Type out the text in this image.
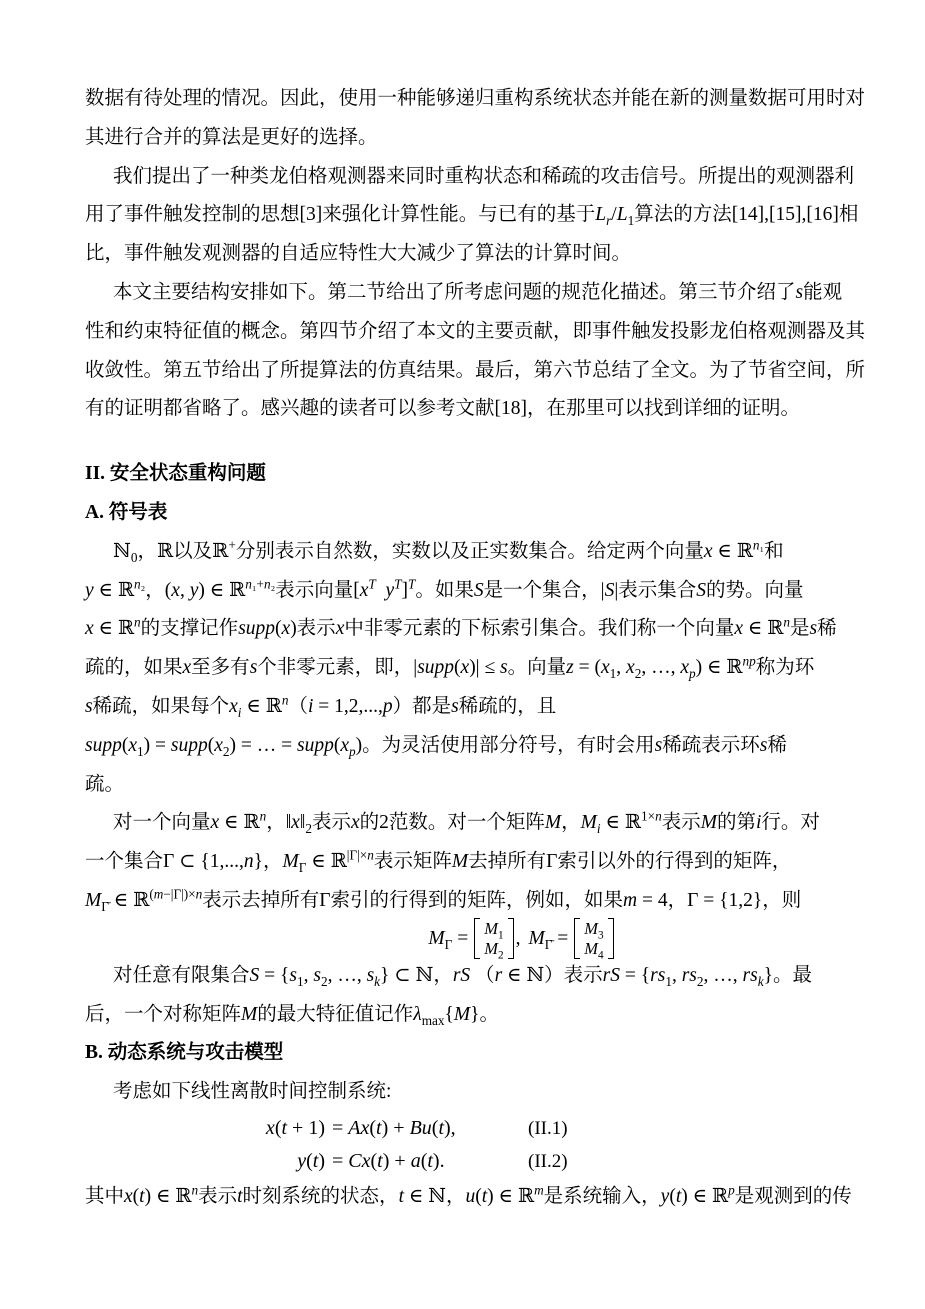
数据有待处理的情况。因此，使用一种能够递归重构系统状态并能在新的测量数据可用时对
其进行合并的算法是更好的选择。
我们提出了一种类龙伯格观测器来同时重构状态和稀疏的攻击信号。所提出的观测器利
用了事件触发控制的思想[3]来强化计算性能。与已有的基于$L_r/L_1$算法的方法[14],[15],[16]相
比，事件触发观测器的自适应特性大大减少了算法的计算时间。
本文主要结构安排如下。第二节给出了所考虑问题的规范化描述。第三节介绍了s能观
性和约束特征值的概念。第四节介绍了本文的主要贡献，即事件触发投影龙伯格观测器及其
收敛性。第五节给出了所提算法的仿真结果。最后，第六节总结了全文。为了节省空间，所
有的证明都省略了。感兴趣的读者可以参考文献[18]，在那里可以找到详细的证明。
II. 安全状态重构问题
A. 符号表
ℕ$_0$，ℝ以及ℝ+分别表示自然数，实数以及正实数集合。给定两个向量x ∈ ℝ$^{n_1}$和
y ∈ ℝ$^{n_2}$，(x, y) ∈ ℝ$^{n_1+n_2}$表示向量[$x^T$  $y^T]^T$。如果S是一个集合，|S|表示集合S的势。向量
x ∈ ℝ$^n$的支撑记作supp(x)表示x中非零元素的下标索引集合。我们称一个向量x ∈ ℝ$^n$是s稀
疏的，如果x至多有s个非零元素，即，|supp(x)| ≤ s。向量$z = (x_1$, $x_2$, …, $x_p$) ∈ ℝ$^{np}$称为环
s稀疏，如果每个$x_i$ ∈ ℝ$^n$（i = 1,2,...,p）都是s稀疏的，且
$supp(x_1)$ = $supp(x_2)$ = … = $supp(x_p)$。为灵活使用部分符号，有时会用s稀疏表示环s稀
疏。
对一个向量x ∈ ℝ$^n$，$‖x‖_2$表示x的2范数。对一个矩阵M，$M_i$ ∈ ℝ$^{1\times n}$表示M的第i行。对
一个集合Γ ⊂ {1,...,n}，$M_\Gamma$ ∈ ℝ$^{|\Gamma|\times n}$表示矩阵M去掉所有Γ索引以外的行得到的矩阵，
$M_{\Gammā}$ ∈ ℝ$^{(m-|\Gamma|)\times n}$表示去掉所有Γ索引的行得到的矩阵，例如，如果m = 4，Γ = {1,2}，则
$M_\Gamma = M_1$
$M_2$
, $M_{\Gammā} = M_3$
$M_4$
对任意有限集合$S = \{s_1$, $s_2$, …, $s_k$} ⊂ ℕ，rS （r ∈ ℕ）表示rS = {$rs_1$, $rs_2$, …, $rs_k$}。最
后，一个对称矩阵M的最大特征值记作$\lambda_{max}\{M\}$。
B. 动态系统与攻击模型
考虑如下线性离散时间控制系统:
x(t + 1) = Ax(t) + Bu(t),	(II.1)
y(t) = Cx(t) + a(t).	(II.2)
其中x(t) ∈ ℝ$^n$表示t时刻系统的状态，t ∈ ℕ，u(t) ∈ ℝ$^m$是系统输入，y(t) ∈ ℝ$^p$是观测到的传
